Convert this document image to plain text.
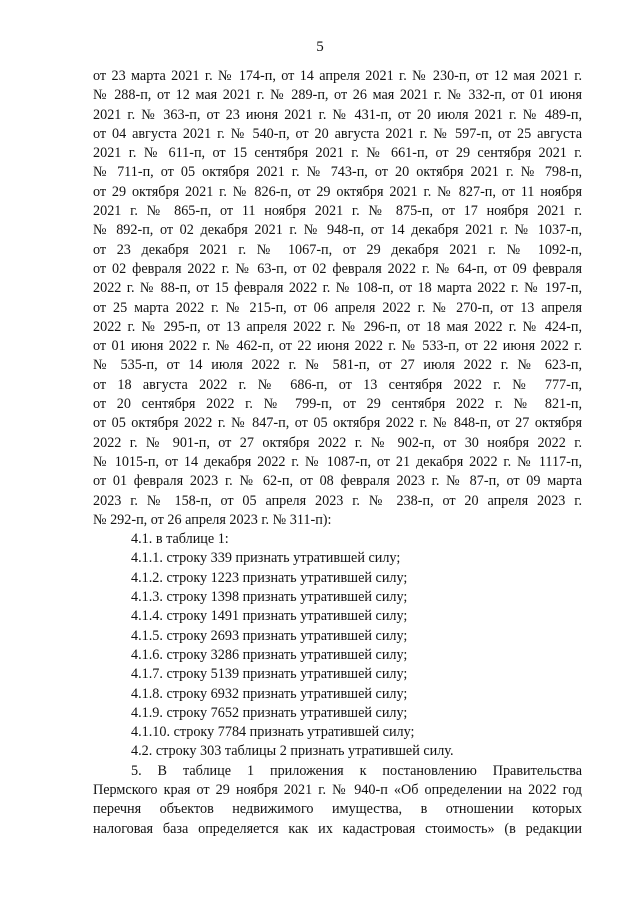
5
от 23 марта 2021 г. № 174-п, от 14 апреля 2021 г. № 230-п, от 12 мая 2021 г.
№ 288-п, от 12 мая 2021 г. № 289-п, от 26 мая 2021 г. № 332-п, от 01 июня
2021 г. № 363-п, от 23 июня 2021 г. № 431-п, от 20 июля 2021 г. № 489-п,
от 04 августа 2021 г. № 540-п, от 20 августа 2021 г. № 597-п, от 25 августа
2021 г. № 611-п, от 15 сентября 2021 г. № 661-п, от 29 сентября 2021 г.
№ 711-п, от 05 октября 2021 г. № 743-п, от 20 октября 2021 г. № 798-п,
от 29 октября 2021 г. № 826-п, от 29 октября 2021 г. № 827-п, от 11 ноября
2021 г. № 865-п, от 11 ноября 2021 г. № 875-п, от 17 ноября 2021 г.
№ 892-п, от 02 декабря 2021 г. № 948-п, от 14 декабря 2021 г. № 1037-п,
от 23 декабря 2021 г. № 1067-п, от 29 декабря 2021 г. № 1092-п,
от 02 февраля 2022 г. № 63-п, от 02 февраля 2022 г. № 64-п, от 09 февраля
2022 г. № 88-п, от 15 февраля 2022 г. № 108-п, от 18 марта 2022 г. № 197-п,
от 25 марта 2022 г. № 215-п, от 06 апреля 2022 г. № 270-п, от 13 апреля
2022 г. № 295-п, от 13 апреля 2022 г. № 296-п, от 18 мая 2022 г. № 424-п,
от 01 июня 2022 г. № 462-п, от 22 июня 2022 г. № 533-п, от 22 июня 2022 г.
№ 535-п, от 14 июля 2022 г. № 581-п, от 27 июля 2022 г. № 623-п,
от 18 августа 2022 г. № 686-п, от 13 сентября 2022 г. № 777-п,
от 20 сентября 2022 г. № 799-п, от 29 сентября 2022 г. № 821-п,
от 05 октября 2022 г. № 847-п, от 05 октября 2022 г. № 848-п, от 27 октября
2022 г. № 901-п, от 27 октября 2022 г. № 902-п, от 30 ноября 2022 г.
№ 1015-п, от 14 декабря 2022 г. № 1087-п, от 21 декабря 2022 г. № 1117-п,
от 01 февраля 2023 г. № 62-п, от 08 февраля 2023 г. № 87-п, от 09 марта
2023 г. № 158-п, от 05 апреля 2023 г. № 238-п, от 20 апреля 2023 г.
№ 292-п, от 26 апреля 2023 г. № 311-п):
4.1. в таблице 1:
4.1.1. строку 339 признать утратившей силу;
4.1.2. строку 1223 признать утратившей силу;
4.1.3. строку 1398 признать утратившей силу;
4.1.4. строку 1491 признать утратившей силу;
4.1.5. строку 2693 признать утратившей силу;
4.1.6. строку 3286 признать утратившей силу;
4.1.7. строку 5139 признать утратившей силу;
4.1.8. строку 6932 признать утратившей силу;
4.1.9. строку 7652 признать утратившей силу;
4.1.10. строку 7784 признать утратившей силу;
4.2. строку 303 таблицы 2 признать утратившей силу.
5. В таблице 1 приложения к постановлению Правительства
Пермского края от 29 ноября 2021 г. № 940-п «Об определении на 2022 год
перечня объектов недвижимого имущества, в отношении которых
налоговая база определяется как их кадастровая стоимость» (в редакции
